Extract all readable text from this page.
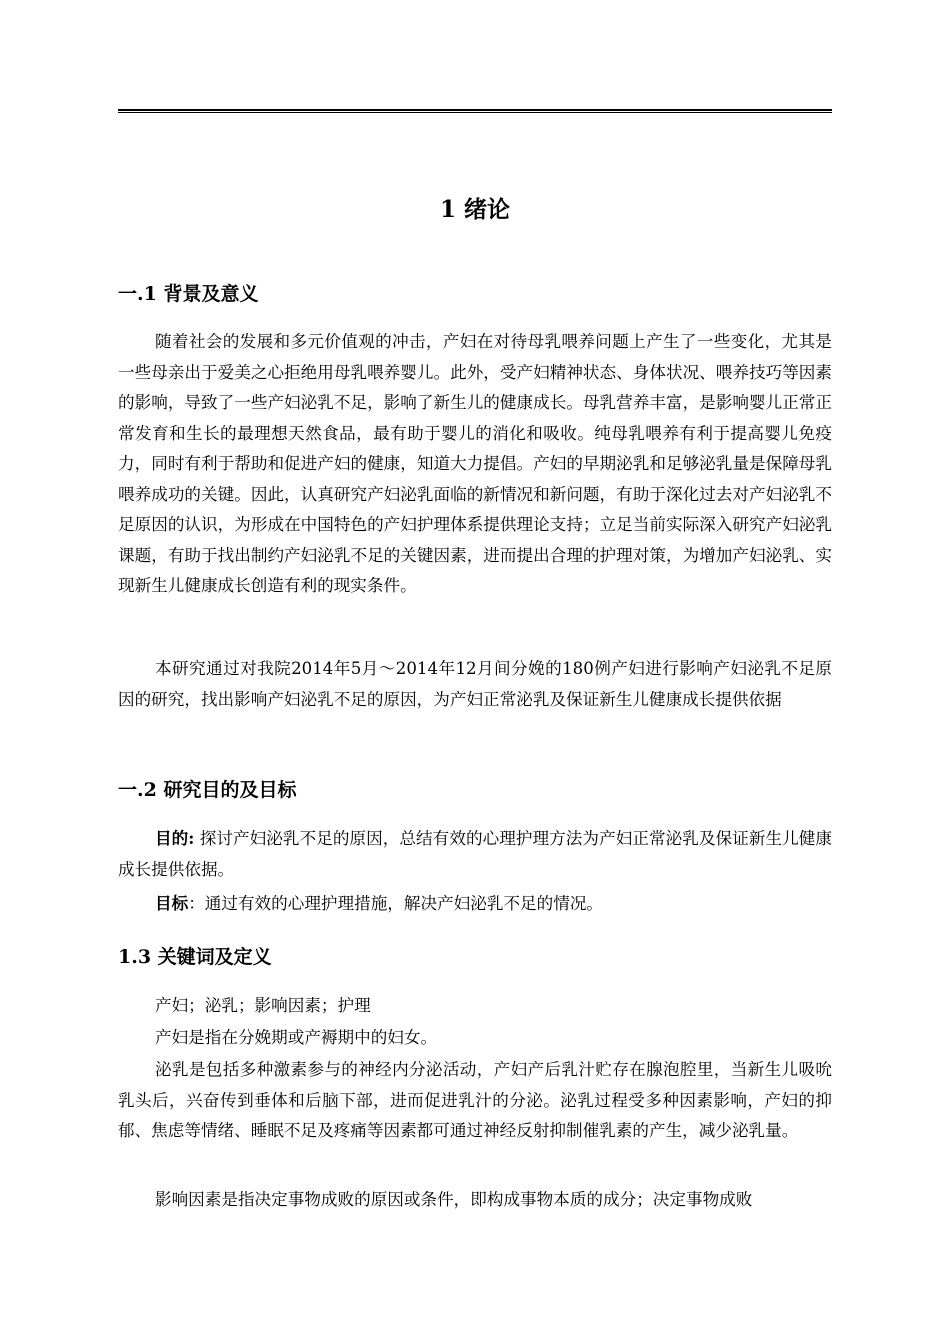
1 绪论
一.1 背景及意义

随着社会的发展和多元价值观的冲击，产妇在对待母乳喂养问题上产生了一些变化，尤其是一些母亲出于爱美之心拒绝用母乳喂养婴儿。此外，受产妇精神状态、身体状况、喂养技巧等因素的影响，导致了一些产妇泌乳不足，影响了新生儿的健康成长。母乳营养丰富，是影响婴儿正常正常发育和生长的最理想天然食品，最有助于婴儿的消化和吸收。纯母乳喂养有利于提高婴儿免疫力，同时有利于帮助和促进产妇的健康，知道大力提倡。产妇的早期泌乳和足够泌乳量是保障母乳喂养成功的关键。因此，认真研究产妇泌乳面临的新情况和新问题，有助于深化过去对产妇泌乳不足原因的认识，为形成在中国特色的产妇护理体系提供理论支持；立足当前实际深入研究产妇泌乳课题，有助于找出制约产妇泌乳不足的关键因素，进而提出合理的护理对策，为增加产妇泌乳、实现新生儿健康成长创造有利的现实条件。

本研究通过对我院2014年5月～2014年12月间分娩的180例产妇进行影响产妇泌乳不足原因的研究，找出影响产妇泌乳不足的原因，为产妇正常泌乳及保证新生儿健康成长提供依据

一.2 研究目的及目标

目的: 探讨产妇泌乳不足的原因，总结有效的心理护理方法为产妇正常泌乳及保证新生儿健康成长提供依据。

目标：通过有效的心理护理措施，解决产妇泌乳不足的情况。

1.3 关键词及定义

产妇；泌乳；影响因素；护理

产妇是指在分娩期或产褥期中的妇女。

泌乳是包括多种激素参与的神经内分泌活动，产妇产后乳汁贮存在腺泡腔里，当新生儿吸吮乳头后，兴奋传到垂体和后脑下部，进而促进乳汁的分泌。泌乳过程受多种因素影响，产妇的抑郁、焦虑等情绪、睡眠不足及疼痛等因素都可通过神经反射抑制催乳素的产生，减少泌乳量。

影响因素是指决定事物成败的原因或条件，即构成事物本质的成分；决定事物成败
